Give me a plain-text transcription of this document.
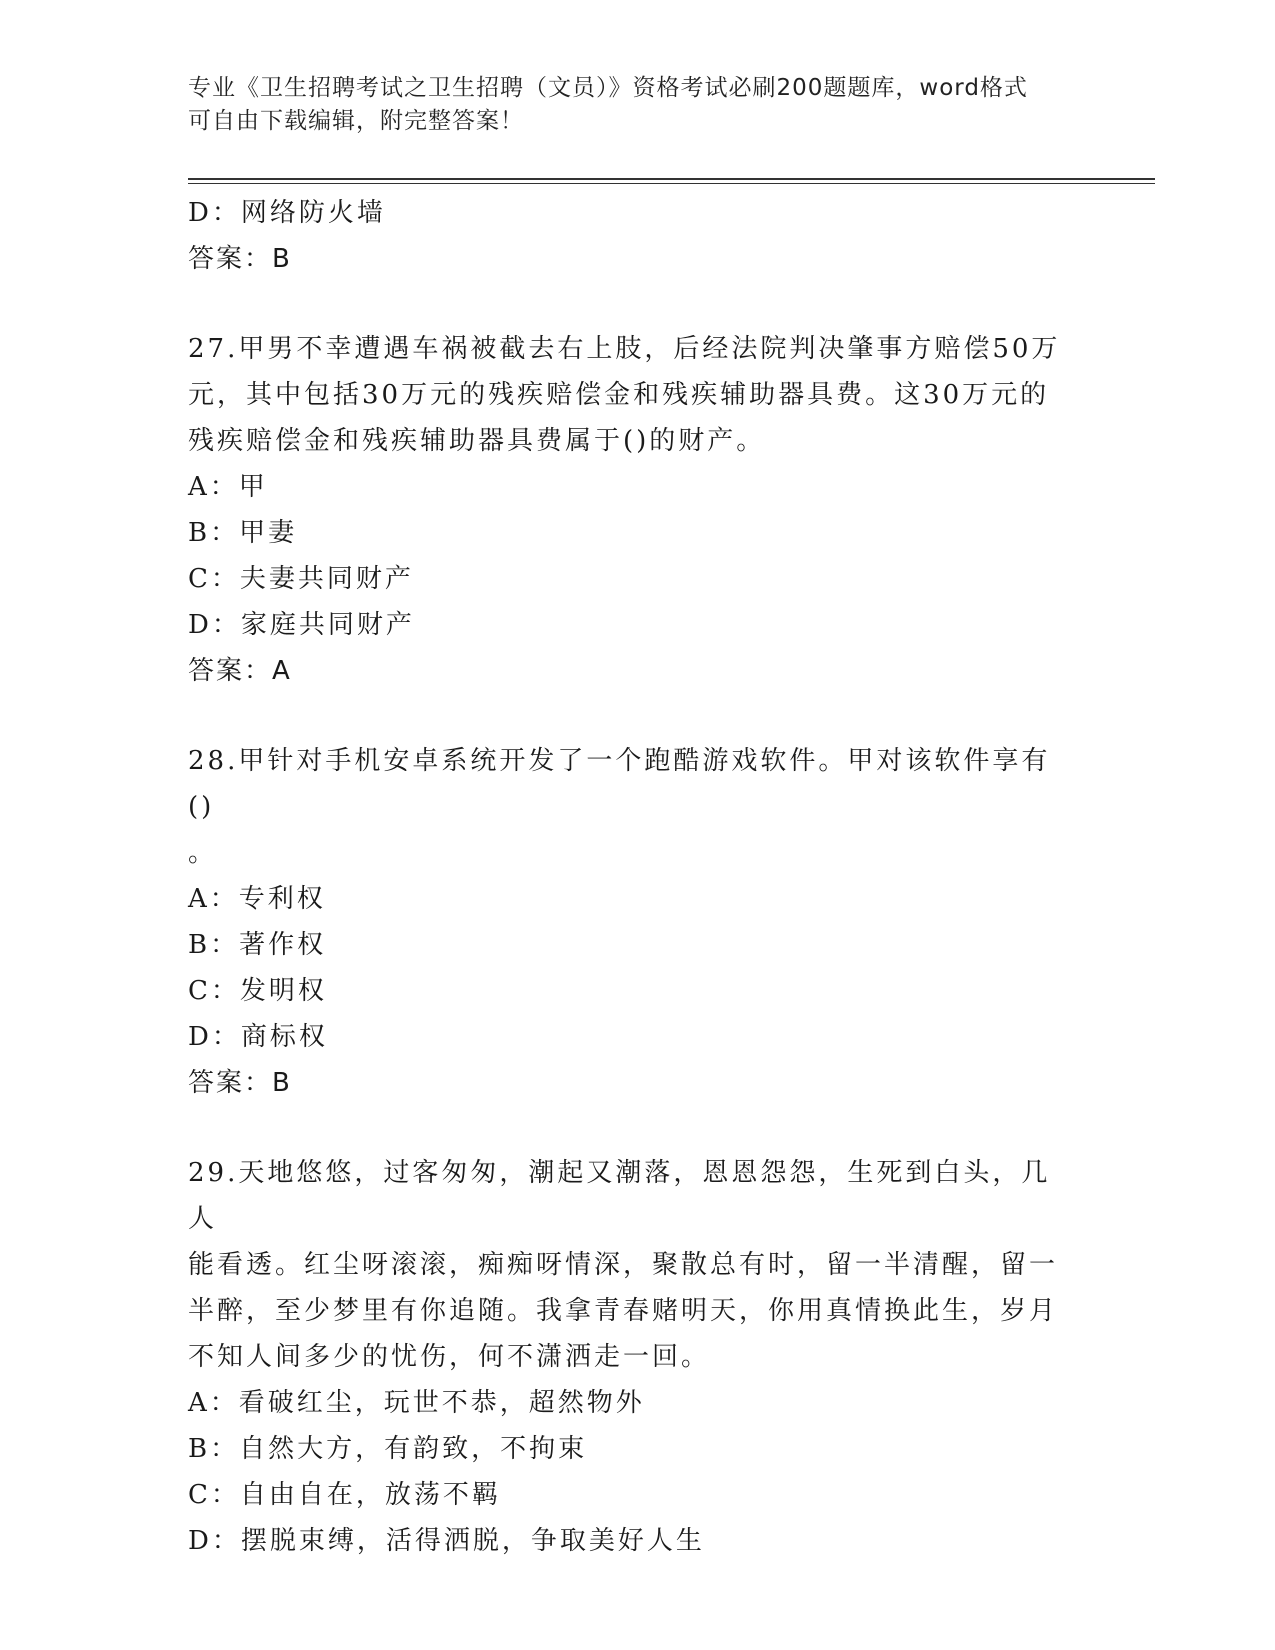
专业《卫生招聘考试之卫生招聘（文员）》资格考试必刷200题题库，word格式
可自由下载编辑，附完整答案！
D：网络防火墙
答案：B
27.甲男不幸遭遇车祸被截去右上肢，后经法院判决肇事方赔偿50万
元，其中包括30万元的残疾赔偿金和残疾辅助器具费。这30万元的
残疾赔偿金和残疾辅助器具费属于()的财产。
A：甲
B：甲妻
C：夫妻共同财产
D：家庭共同财产
答案：A
28.甲针对手机安卓系统开发了一个跑酷游戏软件。甲对该软件享有()
。
A：专利权
B：著作权
C：发明权
D：商标权
答案：B
29.天地悠悠，过客匆匆，潮起又潮落，恩恩怨怨，生死到白头，几人
能看透。红尘呀滚滚，痴痴呀情深，聚散总有时，留一半清醒，留一
半醉，至少梦里有你追随。我拿青春赌明天，你用真情换此生，岁月
不知人间多少的忧伤，何不潇洒走一回。
A：看破红尘，玩世不恭，超然物外
B：自然大方，有韵致，不拘束
C：自由自在，放荡不羁
D：摆脱束缚，活得洒脱，争取美好人生
